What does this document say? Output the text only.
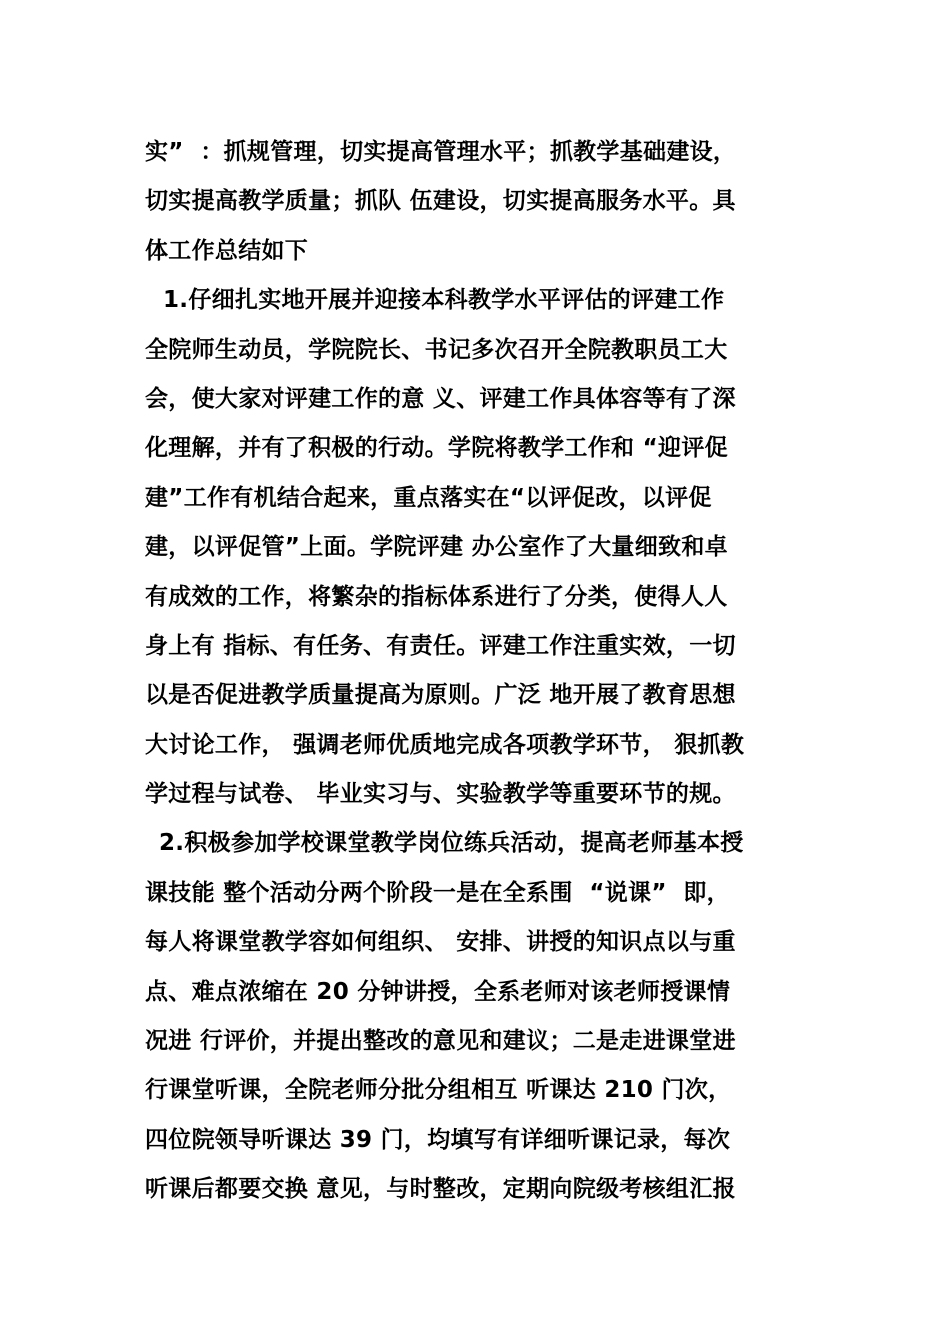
实”  ：抓规管理，切实提高管理水平；抓教学基础建设，
切实提高教学质量；抓队 伍建设，切实提高服务水平。具
体工作总结如下
1.仔细扎实地开展并迎接本科教学水平评估的评建工作
全院师生动员，学院院长、书记多次召开全院教职员工大
会，使大家对评建工作的意 义、评建工作具体容等有了深
化理解，并有了积极的行动。学院将教学工作和 “迎评促
建”工作有机结合起来，重点落实在“以评促改，以评促
建，以评促管”上面。学院评建 办公室作了大量细致和卓
有成效的工作，将繁杂的指标体系进行了分类，使得人人
身上有 指标、有任务、有责任。评建工作注重实效，一切
以是否促进教学质量提高为原则。广泛 地开展了教育思想
大讨论工作， 强调老师优质地完成各项教学环节， 狠抓教
学过程与试卷、 毕业实习与、实验教学等重要环节的规。
2.积极参加学校课堂教学岗位练兵活动，提高老师基本授
课技能 整个活动分两个阶段一是在全系围  “说课”  即，
每人将课堂教学容如何组织、 安排、讲授的知识点以与重
点、难点浓缩在 20 分钟讲授，全系老师对该老师授课情
况进 行评价，并提出整改的意见和建议；二是走进课堂进
行课堂听课，全院老师分批分组相互 听课达 210 门次，
四位院领导听课达 39 门，均填写有详细听课记录，每次
听课后都要交换 意见，与时整改，定期向院级考核组汇报
